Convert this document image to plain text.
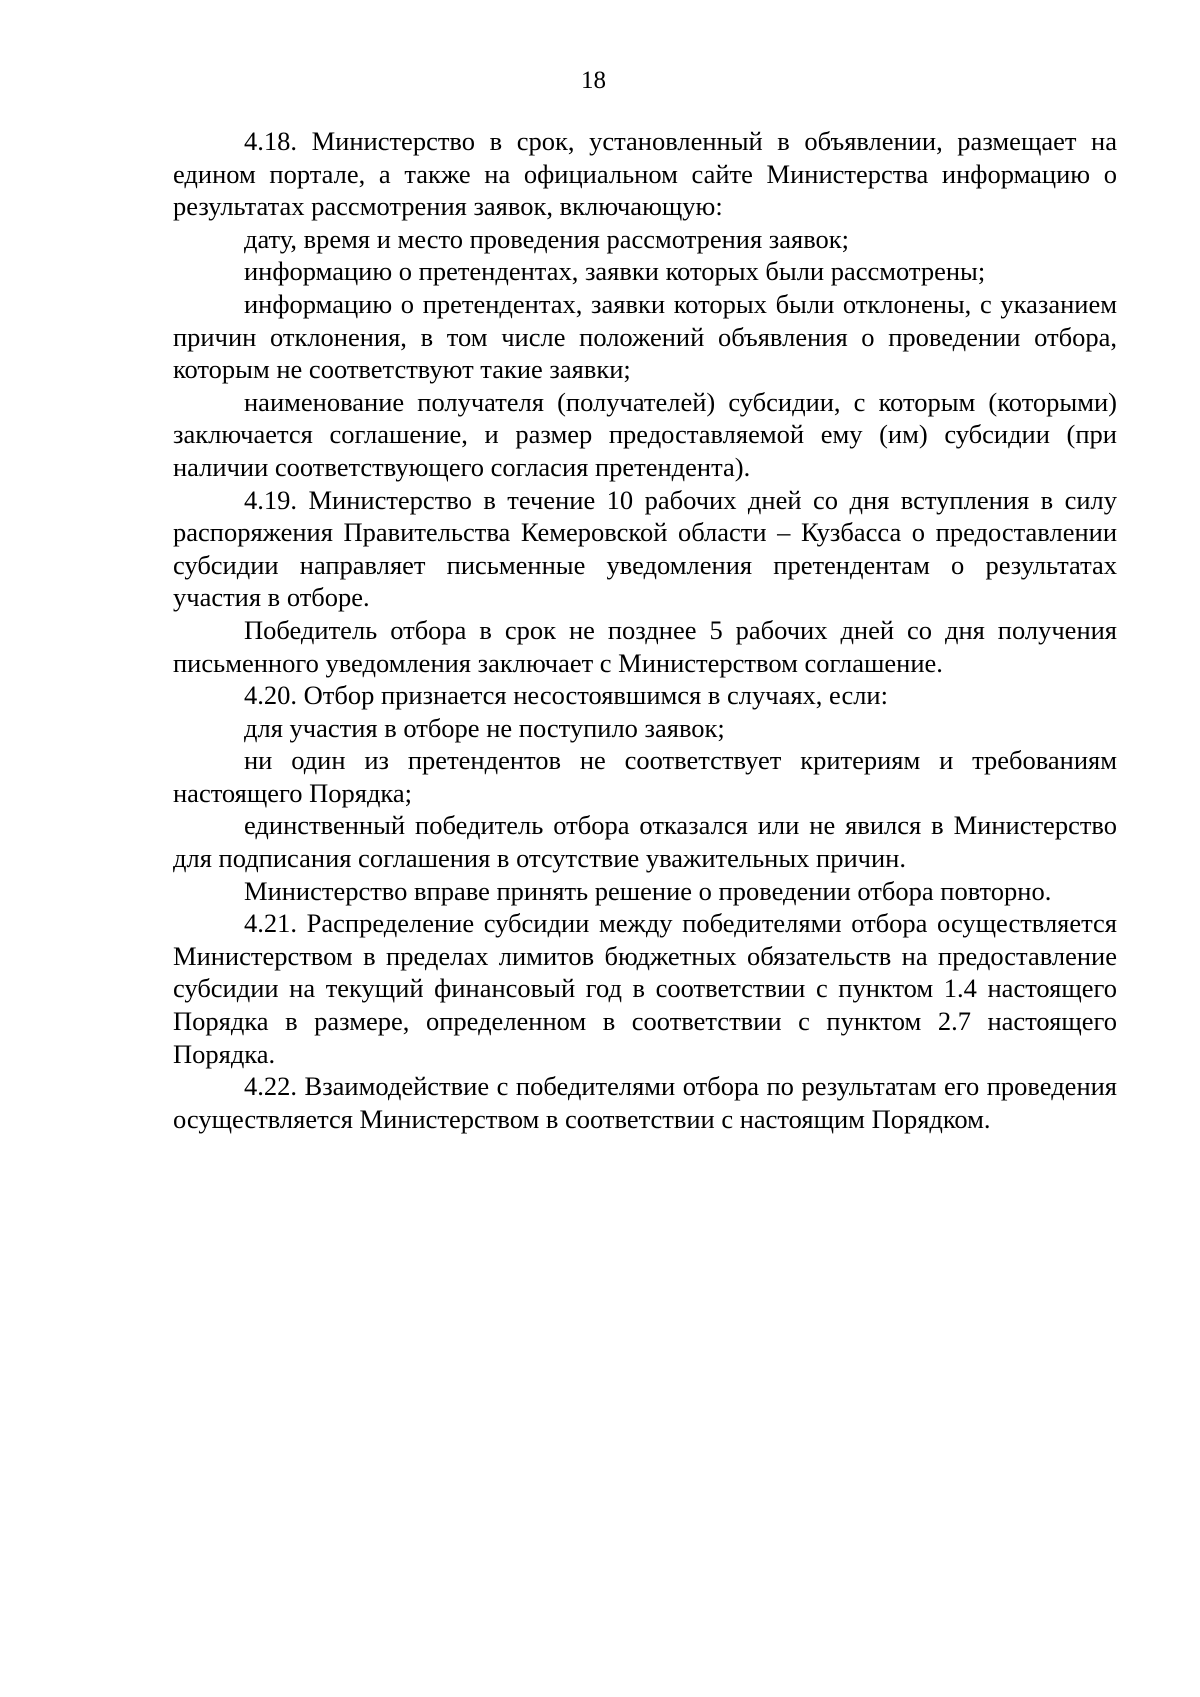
18

4.18. Министерство в срок, установленный в объявлении, размещает на едином портале, а также на официальном сайте Министерства информацию о результатах рассмотрения заявок, включающую:

дату, время и место проведения рассмотрения заявок;

информацию о претендентах, заявки которых были рассмотрены;

информацию о претендентах, заявки которых были отклонены, с указанием причин отклонения, в том числе положений объявления о проведении отбора, которым не соответствуют такие заявки;

наименование получателя (получателей) субсидии, с которым (которыми) заключается соглашение, и размер предоставляемой ему (им) субсидии (при наличии соответствующего согласия претендента).

4.19. Министерство в течение 10 рабочих дней со дня вступления в силу распоряжения Правительства Кемеровской области – Кузбасса о предоставлении субсидии направляет письменные уведомления претендентам о результатах участия в отборе.

Победитель отбора в срок не позднее 5 рабочих дней со дня получения письменного уведомления заключает с Министерством соглашение.

4.20. Отбор признается несостоявшимся в случаях, если:

для участия в отборе не поступило заявок;

ни один из претендентов не соответствует критериям и требованиям настоящего Порядка;

единственный победитель отбора отказался или не явился в Министерство для подписания соглашения в отсутствие уважительных причин.

Министерство вправе принять решение о проведении отбора повторно.

4.21. Распределение субсидии между победителями отбора осуществляется Министерством в пределах лимитов бюджетных обязательств на предоставление субсидии на текущий финансовый год в соответствии с пунктом 1.4 настоящего Порядка в размере, определенном в соответствии с пунктом 2.7 настоящего Порядка.

4.22. Взаимодействие с победителями отбора по результатам его проведения осуществляется Министерством в соответствии с настоящим Порядком.
